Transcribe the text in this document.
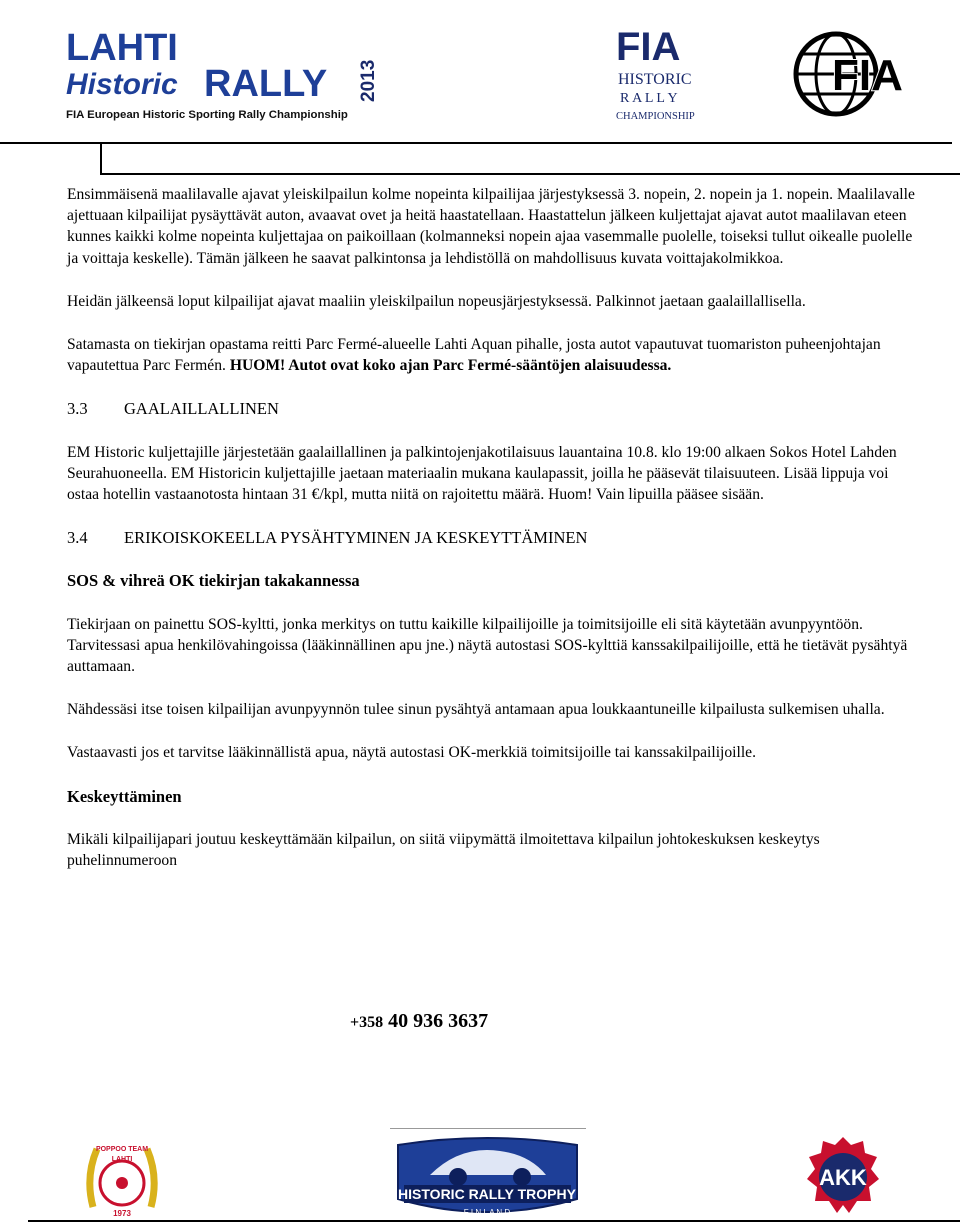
LAHTI
Historic RALLY 2013
FIA European Historic Sporting Rally Championship
FIA
HISTORIC
R A L L Y
CHAMPIONSHIP
FIA

Ensimmäisenä maalilavalle ajavat yleiskilpailun kolme nopeinta kilpailijaa järjestyksessä 3. nopein, 2. nopein ja 1. nopein. Maalilavalle ajettuaan kilpailijat pysäyttävät auton, avaavat ovet ja heitä haastatellaan. Haastattelun jälkeen kuljettajat ajavat autot maalilavan eteen kunnes kaikki kolme nopeinta kuljettajaa on paikoillaan (kolmanneksi nopein ajaa vasemmalle puolelle, toiseksi tullut oikealle puolelle ja voittaja keskelle). Tämän jälkeen he saavat palkintonsa ja lehdistöllä on mahdollisuus kuvata voittajakolmikkoa.

Heidän jälkeensä loput kilpailijat ajavat maaliin yleiskilpailun nopeusjärjestyksessä. Palkinnot jaetaan gaalaillallisella.

Satamasta on tiekirjan opastama reitti Parc Fermé-alueelle Lahti Aquan pihalle, josta autot vapautuvat tuomariston puheenjohtajan vapautettua Parc Fermén. HUOM! Autot ovat koko ajan Parc Fermé-sääntöjen alaisuudessa.

3.3 GAALAILLALLINEN

EM Historic kuljettajille järjestetään gaalaillallinen ja palkintojenjakotilaisuus lauantaina 10.8. klo 19:00 alkaen Sokos Hotel Lahden Seurahuoneella. EM Historicin kuljettajille jaetaan materiaalin mukana kaulapassit, joilla he pääsevät tilaisuuteen. Lisää lippuja voi ostaa hotellin vastaanotosta hintaan 31 €/kpl, mutta niitä on rajoitettu määrä. Huom! Vain lipuilla pääsee sisään.

3.4 ERIKOISKOKEELLA PYSÄHTYMINEN JA KESKEYTTÄMINEN
SOS & vihreä OK tiekirjan takakannessa

Tiekirjaan on painettu SOS-kyltti, jonka merkitys on tuttu kaikille kilpailijoille ja toimitsijoille eli sitä käytetään avunpyyntöön. Tarvitessasi apua henkilövahingoissa (lääkinnällinen apu jne.) näytä autostasi SOS-kylttiä kanssakilpailijoille, että he tietävät pysähtyä auttamaan.

Nähdessäsi itse toisen kilpailijan avunpyynnön tulee sinun pysähtyä antamaan apua loukkaantuneille kilpailusta sulkemisen uhalla.

Vastaavasti jos et tarvitse lääkinnällistä apua, näytä autostasi OK-merkkiä toimitsijoille tai kanssakilpailijoille.

Keskeyttäminen

Mikäli kilpailijapari joutuu keskeyttämään kilpailun, on siitä viipymättä ilmoitettava kilpailun johtokeskuksen keskeytys puhelinnumeroon

+358 40 936 3637
POPPOO TEAM
LAHTI
1973
HISTORIC RALLY TROPHY
F I N L A N D
AKK
